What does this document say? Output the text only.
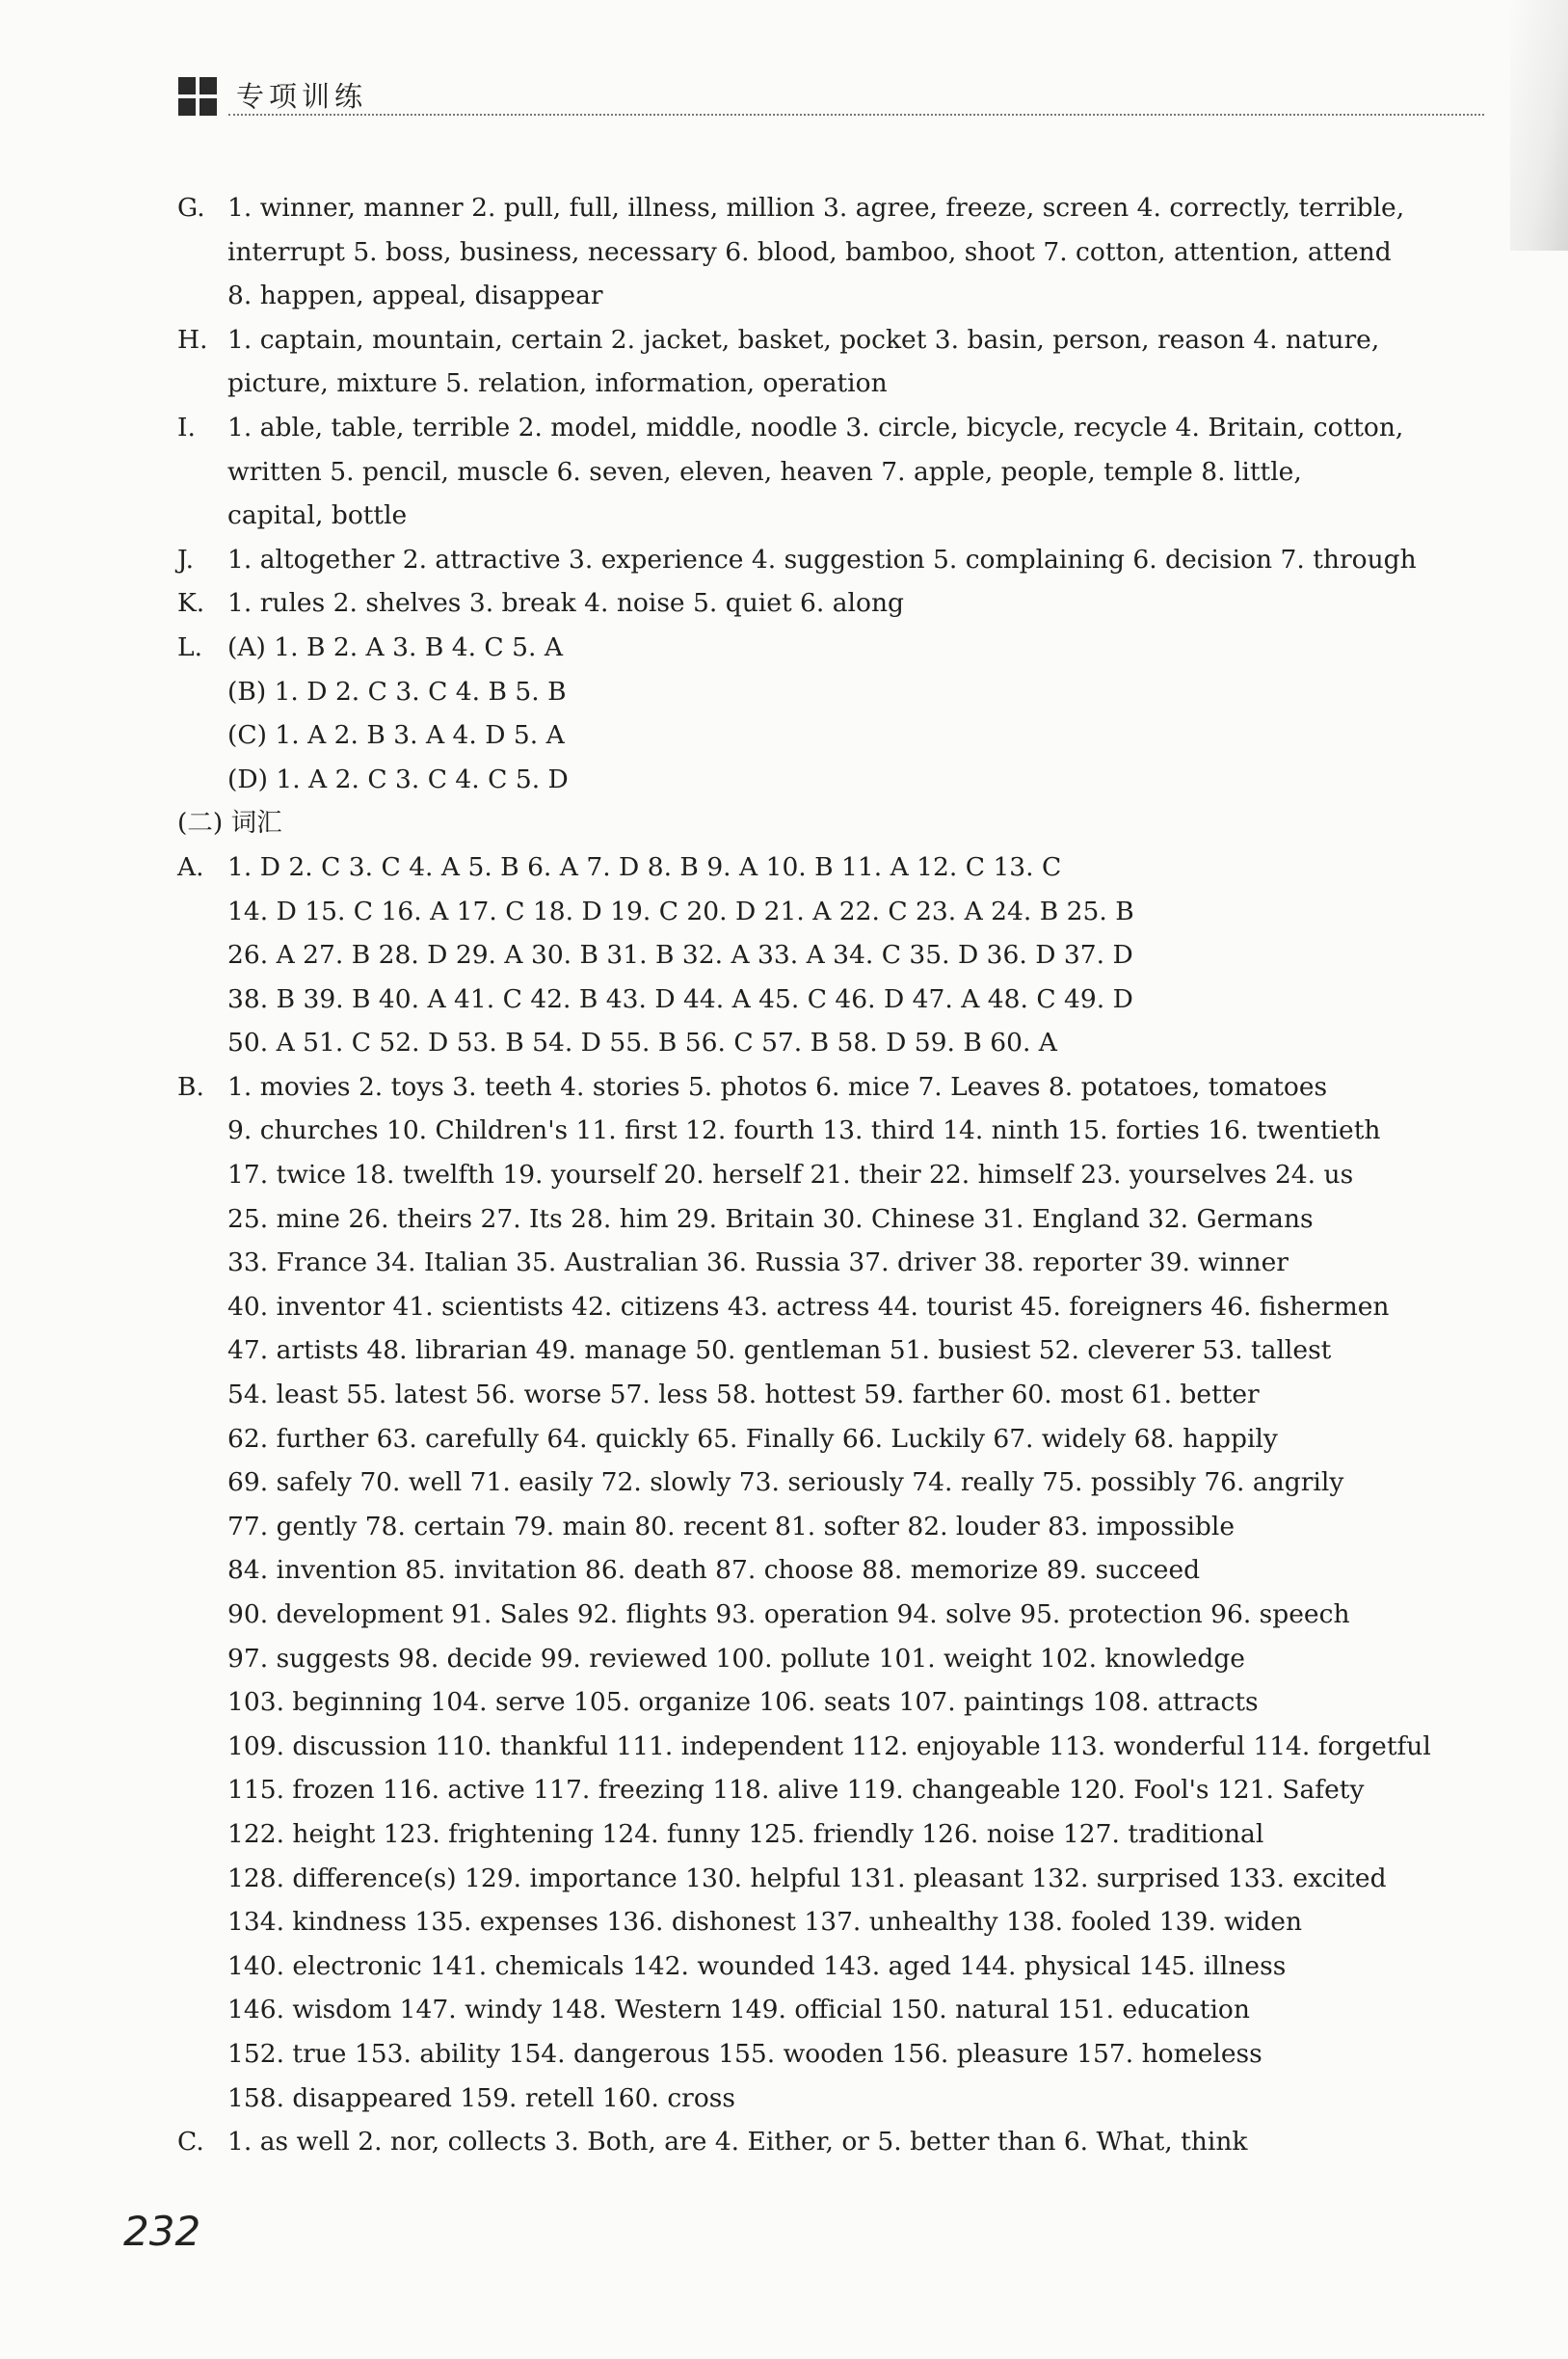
专项训练
G. 1. winner, manner 2. pull, full, illness, million 3. agree, freeze, screen 4. correctly, terrible,
interrupt 5. boss, business, necessary 6. blood, bamboo, shoot 7. cotton, attention, attend
8. happen, appeal, disappear
H. 1. captain, mountain, certain 2. jacket, basket, pocket 3. basin, person, reason 4. nature,
picture, mixture 5. relation, information, operation
I. 1. able, table, terrible 2. model, middle, noodle 3. circle, bicycle, recycle 4. Britain, cotton,
written 5. pencil, muscle 6. seven, eleven, heaven 7. apple, people, temple 8. little,
capital, bottle
J. 1. altogether 2. attractive 3. experience 4. suggestion 5. complaining 6. decision 7. through
K. 1. rules 2. shelves 3. break 4. noise 5. quiet 6. along
L. (A) 1. B 2. A 3. B 4. C 5. A
(B) 1. D 2. C 3. C 4. B 5. B
(C) 1. A 2. B 3. A 4. D 5. A
(D) 1. A 2. C 3. C 4. C 5. D
(二) 词汇
A. 1. D 2. C 3. C 4. A 5. B 6. A 7. D 8. B 9. A 10. B 11. A 12. C 13. C
14. D 15. C 16. A 17. C 18. D 19. C 20. D 21. A 22. C 23. A 24. B 25. B
26. A 27. B 28. D 29. A 30. B 31. B 32. A 33. A 34. C 35. D 36. D 37. D
38. B 39. B 40. A 41. C 42. B 43. D 44. A 45. C 46. D 47. A 48. C 49. D
50. A 51. C 52. D 53. B 54. D 55. B 56. C 57. B 58. D 59. B 60. A
B. 1. movies 2. toys 3. teeth 4. stories 5. photos 6. mice 7. Leaves 8. potatoes, tomatoes
9. churches 10. Children's 11. first 12. fourth 13. third 14. ninth 15. forties 16. twentieth
17. twice 18. twelfth 19. yourself 20. herself 21. their 22. himself 23. yourselves 24. us
25. mine 26. theirs 27. Its 28. him 29. Britain 30. Chinese 31. England 32. Germans
33. France 34. Italian 35. Australian 36. Russia 37. driver 38. reporter 39. winner
40. inventor 41. scientists 42. citizens 43. actress 44. tourist 45. foreigners 46. fishermen
47. artists 48. librarian 49. manage 50. gentleman 51. busiest 52. cleverer 53. tallest
54. least 55. latest 56. worse 57. less 58. hottest 59. farther 60. most 61. better
62. further 63. carefully 64. quickly 65. Finally 66. Luckily 67. widely 68. happily
69. safely 70. well 71. easily 72. slowly 73. seriously 74. really 75. possibly 76. angrily
77. gently 78. certain 79. main 80. recent 81. softer 82. louder 83. impossible
84. invention 85. invitation 86. death 87. choose 88. memorize 89. succeed
90. development 91. Sales 92. flights 93. operation 94. solve 95. protection 96. speech
97. suggests 98. decide 99. reviewed 100. pollute 101. weight 102. knowledge
103. beginning 104. serve 105. organize 106. seats 107. paintings 108. attracts
109. discussion 110. thankful 111. independent 112. enjoyable 113. wonderful 114. forgetful
115. frozen 116. active 117. freezing 118. alive 119. changeable 120. Fool's 121. Safety
122. height 123. frightening 124. funny 125. friendly 126. noise 127. traditional
128. difference(s) 129. importance 130. helpful 131. pleasant 132. surprised 133. excited
134. kindness 135. expenses 136. dishonest 137. unhealthy 138. fooled 139. widen
140. electronic 141. chemicals 142. wounded 143. aged 144. physical 145. illness
146. wisdom 147. windy 148. Western 149. official 150. natural 151. education
152. true 153. ability 154. dangerous 155. wooden 156. pleasure 157. homeless
158. disappeared 159. retell 160. cross
C. 1. as well 2. nor, collects 3. Both, are 4. Either, or 5. better than 6. What, think
232
